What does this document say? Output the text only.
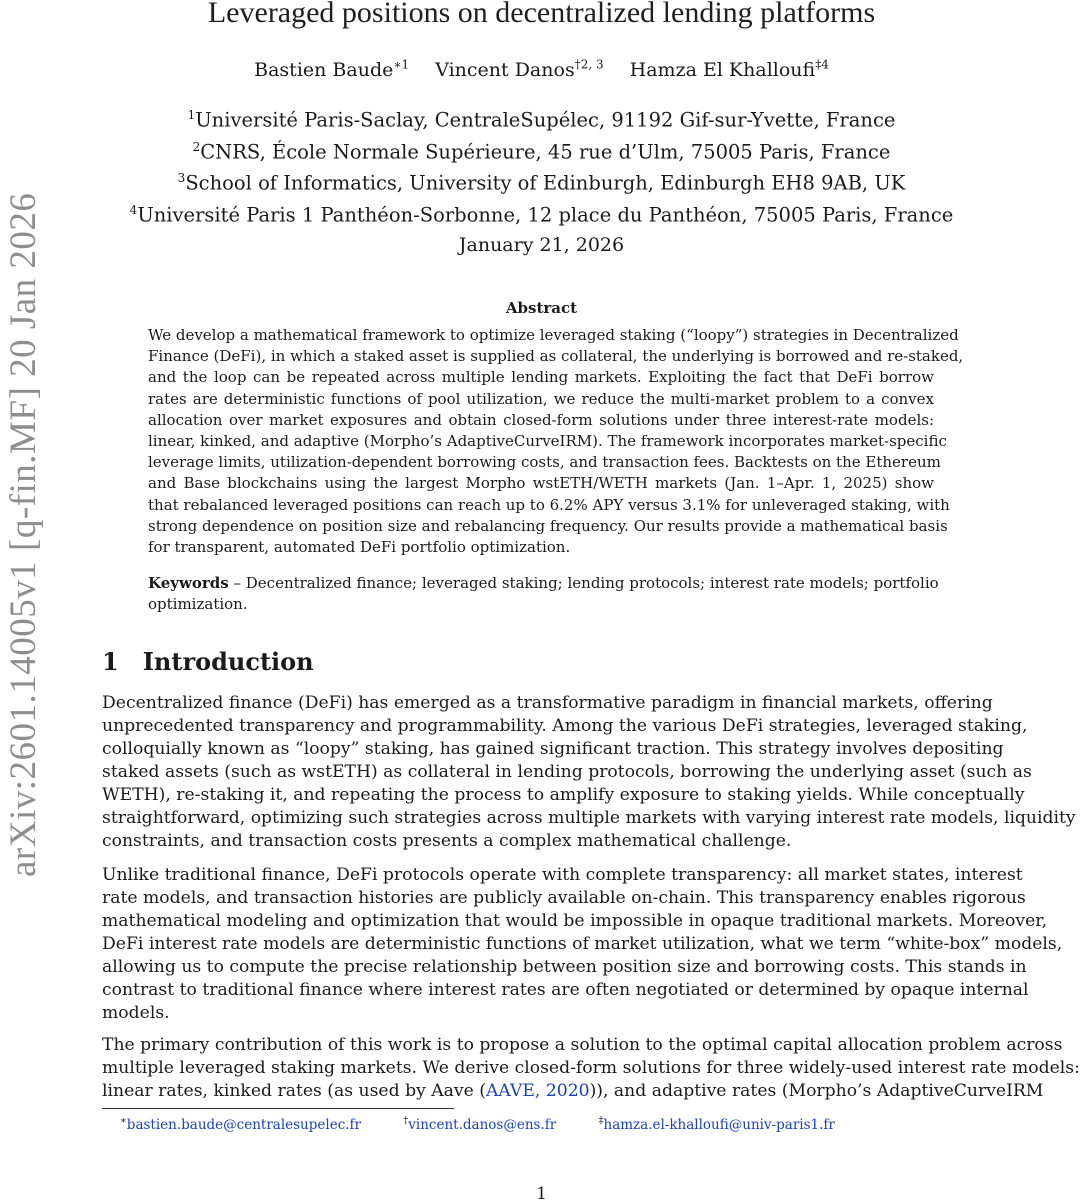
arXiv:2601.14005v1 [q-fin.MF] 20 Jan 2026
Leveraged positions on decentralized lending platforms
Bastien Baude$^{∗1}$ Vincent Danos$^{\dagger 2, 3}$ Hamza El Khalloufi$^{\ddagger 4}$
$^1$Université Paris-Saclay, CentraleSupélec, 91192 Gif-sur-Yvette, France
$^2$CNRS, École Normale Supérieure, 45 rue d’Ulm, 75005 Paris, France
$^3$School of Informatics, University of Edinburgh, Edinburgh EH8 9AB, UK
$^4$Université Paris 1 Panthéon-Sorbonne, 12 place du Panthéon, 75005 Paris, France
January 21, 2026
Abstract
We develop a mathematical framework to optimize leveraged staking (“loopy”) strategies in Decentralized
Finance (DeFi), in which a staked asset is supplied as collateral, the underlying is borrowed and re-staked,
and the loop can be repeated across multiple lending markets. Exploiting the fact that DeFi borrow
rates are deterministic functions of pool utilization, we reduce the multi-market problem to a convex
allocation over market exposures and obtain closed-form solutions under three interest-rate models:
linear, kinked, and adaptive (Morpho’s AdaptiveCurveIRM). The framework incorporates market-specific
leverage limits, utilization-dependent borrowing costs, and transaction fees. Backtests on the Ethereum
and Base blockchains using the largest Morpho wstETH/WETH markets (Jan. 1–Apr. 1, 2025) show
that rebalanced leveraged positions can reach up to 6.2% APY versus 3.1% for unleveraged staking, with
strong dependence on position size and rebalancing frequency. Our results provide a mathematical basis
for transparent, automated DeFi portfolio optimization.
Keywords – Decentralized finance; leveraged staking; lending protocols; interest rate models; portfolio
optimization.
1 Introduction
Decentralized finance (DeFi) has emerged as a transformative paradigm in financial markets, offering
unprecedented transparency and programmability. Among the various DeFi strategies, leveraged staking,
colloquially known as “loopy” staking, has gained significant traction. This strategy involves depositing
staked assets (such as wstETH) as collateral in lending protocols, borrowing the underlying asset (such as
WETH), re-staking it, and repeating the process to amplify exposure to staking yields. While conceptually
straightforward, optimizing such strategies across multiple markets with varying interest rate models, liquidity
constraints, and transaction costs presents a complex mathematical challenge.
Unlike traditional finance, DeFi protocols operate with complete transparency: all market states, interest
rate models, and transaction histories are publicly available on-chain. This transparency enables rigorous
mathematical modeling and optimization that would be impossible in opaque traditional markets. Moreover,
DeFi interest rate models are deterministic functions of market utilization, what we term “white-box” models,
allowing us to compute the precise relationship between position size and borrowing costs. This stands in
contrast to traditional finance where interest rates are often negotiated or determined by opaque internal
models.
The primary contribution of this work is to propose a solution to the optimal capital allocation problem across
multiple leveraged staking markets. We derive closed-form solutions for three widely-used interest rate models:
linear rates, kinked rates (as used by Aave (AAVE, 2020)), and adaptive rates (Morpho’s AdaptiveCurveIRM
∗bastien.baude@centralesupelec.fr	†vincent.danos@ens.fr	‡hamza.el-khalloufi@univ-paris1.fr
1
